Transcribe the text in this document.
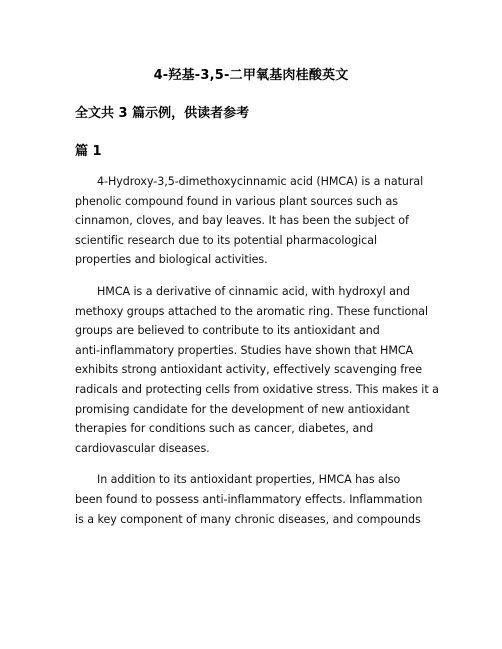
4-羟基-3,5-二甲氧基肉桂酸英文
全文共 3 篇示例，供读者参考
篇 1

4-Hydroxy-3,5-dimethoxycinnamic acid (HMCA) is a natural
phenolic compound found in various plant sources such as
cinnamon, cloves, and bay leaves. It has been the subject of
scientific research due to its potential pharmacological
properties and biological activities.

HMCA is a derivative of cinnamic acid, with hydroxyl and
methoxy groups attached to the aromatic ring. These functional
groups are believed to contribute to its antioxidant and
anti-inflammatory properties. Studies have shown that HMCA
exhibits strong antioxidant activity, effectively scavenging free
radicals and protecting cells from oxidative stress. This makes it a
promising candidate for the development of new antioxidant
therapies for conditions such as cancer, diabetes, and
cardiovascular diseases.

In addition to its antioxidant properties, HMCA has also
been found to possess anti-inflammatory effects. Inflammation
is a key component of many chronic diseases, and compounds
